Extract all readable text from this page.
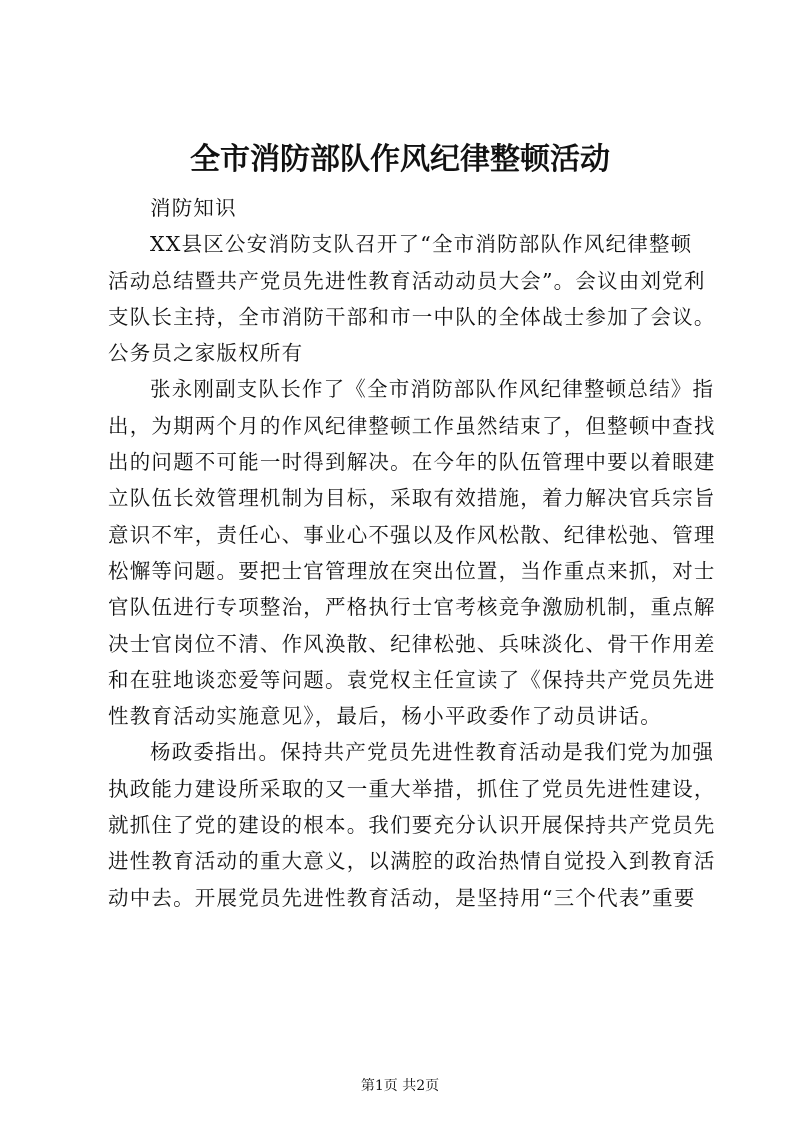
全市消防部队作风纪律整顿活动
消防知识
XX县区公安消防支队召开了“全市消防部队作风纪律整顿
活动总结暨共产党员先进性教育活动动员大会”。会议由刘党利
支队长主持，全市消防干部和市一中队的全体战士参加了会议。
公务员之家版权所有
张永刚副支队长作了《全市消防部队作风纪律整顿总结》指
出，为期两个月的作风纪律整顿工作虽然结束了，但整顿中查找
出的问题不可能一时得到解决。在今年的队伍管理中要以着眼建
立队伍长效管理机制为目标，采取有效措施，着力解决官兵宗旨
意识不牢，责任心、事业心不强以及作风松散、纪律松弛、管理
松懈等问题。要把士官管理放在突出位置，当作重点来抓，对士
官队伍进行专项整治，严格执行士官考核竞争激励机制，重点解
决士官岗位不清、作风涣散、纪律松弛、兵味淡化、骨干作用差
和在驻地谈恋爱等问题。袁党权主任宣读了《保持共产党员先进
性教育活动实施意见》，最后，杨小平政委作了动员讲话。
杨政委指出。保持共产党员先进性教育活动是我们党为加强
执政能力建设所采取的又一重大举措，抓住了党员先进性建设，
就抓住了党的建设的根本。我们要充分认识开展保持共产党员先
进性教育活动的重大意义，以满腔的政治热情自觉投入到教育活
动中去。开展党员先进性教育活动，是坚持用“三个代表”重要
第1页 共2页
